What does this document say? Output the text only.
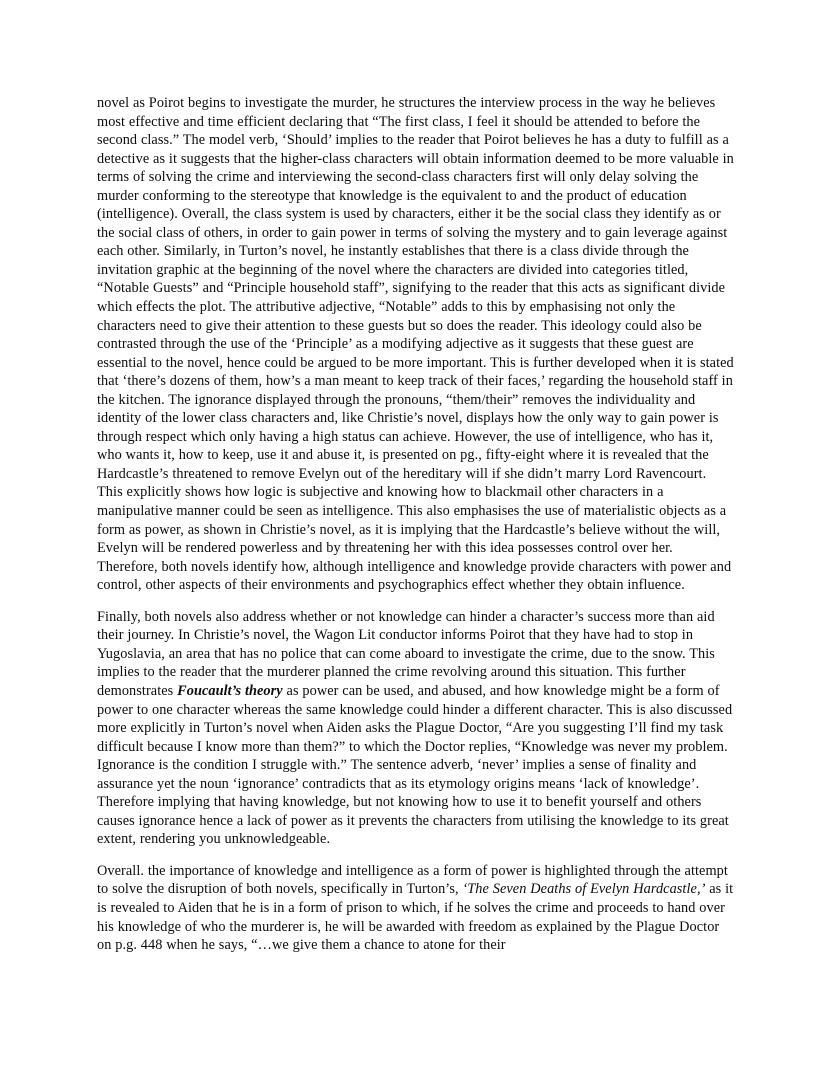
novel as Poirot begins to investigate the murder, he structures the interview process in the way he believes most effective and time efficient declaring that “The first class, I feel it should be attended to before the second class.” The model verb, ‘Should’ implies to the reader that Poirot believes he has a duty to fulfill as a detective as it suggests that the higher-class characters will obtain information deemed to be more valuable in terms of solving the crime and interviewing the second-class characters first will only delay solving the murder conforming to the stereotype that knowledge is the equivalent to and the product of education (intelligence). Overall, the class system is used by characters, either it be the social class they identify as or the social class of others, in order to gain power in terms of solving the mystery and to gain leverage against each other. Similarly, in Turton’s novel, he instantly establishes that there is a class divide through the invitation graphic at the beginning of the novel where the characters are divided into categories titled, “Notable Guests” and “Principle household staff”, signifying to the reader that this acts as significant divide which effects the plot. The attributive adjective, “Notable” adds to this by emphasising not only the characters need to give their attention to these guests but so does the reader. This ideology could also be contrasted through the use of the ‘Principle’ as a modifying adjective as it suggests that these guest are essential to the novel, hence could be argued to be more important. This is further developed when it is stated that ‘there’s dozens of them, how’s a man meant to keep track of their faces,’ regarding the household staff in the kitchen. The ignorance displayed through the pronouns, “them/their” removes the individuality and identity of the lower class characters and, like Christie’s novel, displays how the only way to gain power is through respect which only having a high status can achieve. However, the use of intelligence, who has it, who wants it, how to keep, use it and abuse it, is presented on pg., fifty-eight where it is revealed that the Hardcastle’s threatened to remove Evelyn out of the hereditary will if she didn’t marry Lord Ravencourt. This explicitly shows how logic is subjective and knowing how to blackmail other characters in a manipulative manner could be seen as intelligence. This also emphasises the use of materialistic objects as a form as power, as shown in Christie’s novel, as it is implying that the Hardcastle’s believe without the will, Evelyn will be rendered powerless and by threatening her with this idea possesses control over her. Therefore, both novels identify how, although intelligence and knowledge provide characters with power and control, other aspects of their environments and psychographics effect whether they obtain influence.

Finally, both novels also address whether or not knowledge can hinder a character’s success more than aid their journey. In Christie’s novel, the Wagon Lit conductor informs Poirot that they have had to stop in Yugoslavia, an area that has no police that can come aboard to investigate the crime, due to the snow. This implies to the reader that the murderer planned the crime revolving around this situation. This further demonstrates Foucault’s theory as power can be used, and abused, and how knowledge might be a form of power to one character whereas the same knowledge could hinder a different character. This is also discussed more explicitly in Turton’s novel when Aiden asks the Plague Doctor, “Are you suggesting I’ll find my task difficult because I know more than them?” to which the Doctor replies, “Knowledge was never my problem. Ignorance is the condition I struggle with.” The sentence adverb, ‘never’ implies a sense of finality and assurance yet the noun ‘ignorance’ contradicts that as its etymology origins means ‘lack of knowledge’. Therefore implying that having knowledge, but not knowing how to use it to benefit yourself and others causes ignorance hence a lack of power as it prevents the characters from utilising the knowledge to its great extent, rendering you unknowledgeable.

Overall. the importance of knowledge and intelligence as a form of power is highlighted through the attempt to solve the disruption of both novels, specifically in Turton’s, ‘The Seven Deaths of Evelyn Hardcastle,’ as it is revealed to Aiden that he is in a form of prison to which, if he solves the crime and proceeds to hand over his knowledge of who the murderer is, he will be awarded with freedom as explained by the Plague Doctor on p.g. 448 when he says, “…we give them a chance to atone for their
